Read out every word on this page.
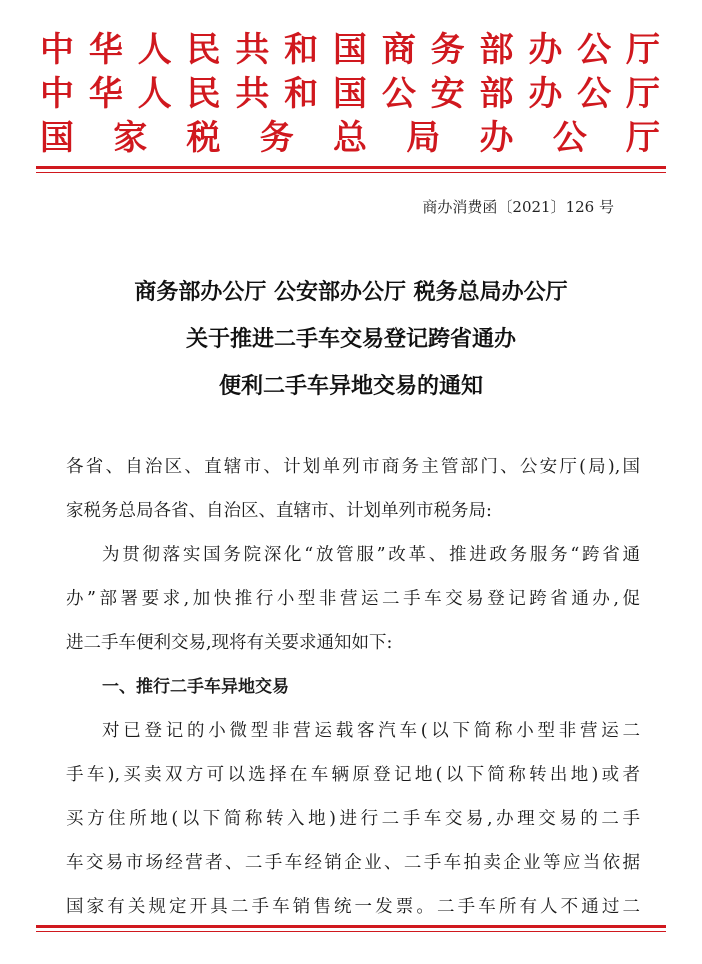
中华人民共和国商务部办公厅
中华人民共和国公安部办公厅
国家税务总局办公厅
商办消费函〔2021〕126 号
商务部办公厅 公安部办公厅 税务总局办公厅
关于推进二手车交易登记跨省通办
便利二手车异地交易的通知
各省、自治区、直辖市、计划单列市商务主管部门、公安厅(局),国
家税务总局各省、自治区、直辖市、计划单列市税务局:
为贯彻落实国务院深化“放管服”改革、推进政务服务“跨省通
办”部署要求,加快推行小型非营运二手车交易登记跨省通办,促
进二手车便利交易,现将有关要求通知如下:
一、推行二手车异地交易
对已登记的小微型非营运载客汽车(以下简称小型非营运二
手车),买卖双方可以选择在车辆原登记地(以下简称转出地)或者
买方住所地(以下简称转入地)进行二手车交易,办理交易的二手
车交易市场经营者、二手车经销企业、二手车拍卖企业等应当依据
国家有关规定开具二手车销售统一发票。二手车所有人不通过二
